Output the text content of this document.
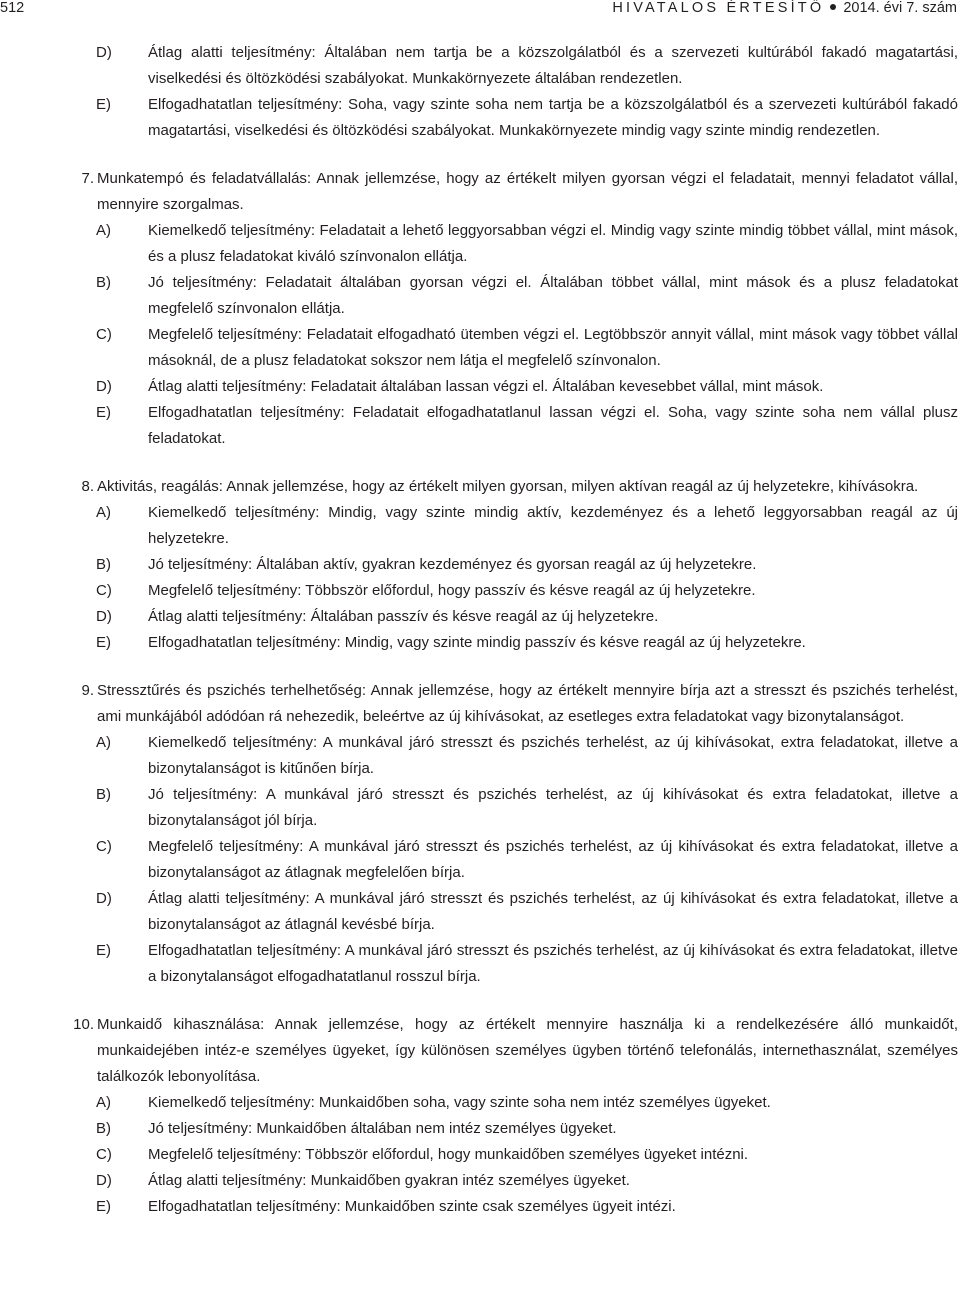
512	HIVATALOS ÉRTESÍTŐ 2014. évi 7. szám
D) Átlag alatti teljesítmény: Általában nem tartja be a közszolgálatból és a szervezeti kultúrából fakadó magatartási, viselkedési és öltözködési szabályokat. Munkakörnyezete általában rendezetlen.
E) Elfogadhatatlan teljesítmény: Soha, vagy szinte soha nem tartja be a közszolgálatból és a szervezeti kultúrából fakadó magatartási, viselkedési és öltözködési szabályokat. Munkakörnyezete mindig vagy szinte mindig rendezetlen.
7. Munkatempó és feladatvállalás: Annak jellemzése, hogy az értékelt milyen gyorsan végzi el feladatait, mennyi feladatot vállal, mennyire szorgalmas.
A) Kiemelkedő teljesítmény: Feladatait a lehető leggyorsabban végzi el. Mindig vagy szinte mindig többet vállal, mint mások, és a plusz feladatokat kiváló színvonalon ellátja.
B) Jó teljesítmény: Feladatait általában gyorsan végzi el. Általában többet vállal, mint mások és a plusz feladatokat megfelelő színvonalon ellátja.
C) Megfelelő teljesítmény: Feladatait elfogadható ütemben végzi el. Legtöbbször annyit vállal, mint mások vagy többet vállal másoknál, de a plusz feladatokat sokszor nem látja el megfelelő színvonalon.
D) Átlag alatti teljesítmény: Feladatait általában lassan végzi el. Általában kevesebbet vállal, mint mások.
E) Elfogadhatatlan teljesítmény: Feladatait elfogadhatatlanul lassan végzi el. Soha, vagy szinte soha nem vállal plusz feladatokat.
8. Aktivitás, reagálás: Annak jellemzése, hogy az értékelt milyen gyorsan, milyen aktívan reagál az új helyzetekre, kihívásokra.
A) Kiemelkedő teljesítmény: Mindig, vagy szinte mindig aktív, kezdeményez és a lehető leggyorsabban reagál az új helyzetekre.
B) Jó teljesítmény: Általában aktív, gyakran kezdeményez és gyorsan reagál az új helyzetekre.
C) Megfelelő teljesítmény: Többször előfordul, hogy passzív és késve reagál az új helyzetekre.
D) Átlag alatti teljesítmény: Általában passzív és késve reagál az új helyzetekre.
E) Elfogadhatatlan teljesítmény: Mindig, vagy szinte mindig passzív és késve reagál az új helyzetekre.
9. Stressztűrés és pszichés terhelhetőség: Annak jellemzése, hogy az értékelt mennyire bírja azt a stresszt és pszichés terhelést, ami munkájából adódóan rá nehezedik, beleértve az új kihívásokat, az esetleges extra feladatokat vagy bizonytalanságot.
A) Kiemelkedő teljesítmény: A munkával járó stresszt és pszichés terhelést, az új kihívásokat, extra feladatokat, illetve a bizonytalanságot is kitűnően bírja.
B) Jó teljesítmény: A munkával járó stresszt és pszichés terhelést, az új kihívásokat és extra feladatokat, illetve a bizonytalanságot jól bírja.
C) Megfelelő teljesítmény: A munkával járó stresszt és pszichés terhelést, az új kihívásokat és extra feladatokat, illetve a bizonytalanságot az átlagnak megfelelően bírja.
D) Átlag alatti teljesítmény: A munkával járó stresszt és pszichés terhelést, az új kihívásokat és extra feladatokat, illetve a bizonytalanságot az átlagnál kevésbé bírja.
E) Elfogadhatatlan teljesítmény: A munkával járó stresszt és pszichés terhelést, az új kihívásokat és extra feladatokat, illetve a bizonytalanságot elfogadhatatlanul rosszul bírja.
10. Munkaidő kihasználása: Annak jellemzése, hogy az értékelt mennyire használja ki a rendelkezésére álló munkaidőt, munkaidejében intéz-e személyes ügyeket, így különösen személyes ügyben történő telefonálás, internethasználat, személyes találkozók lebonyolítása.
A) Kiemelkedő teljesítmény: Munkaidőben soha, vagy szinte soha nem intéz személyes ügyeket.
B) Jó teljesítmény: Munkaidőben általában nem intéz személyes ügyeket.
C) Megfelelő teljesítmény: Többször előfordul, hogy munkaidőben személyes ügyeket intézni.
D) Átlag alatti teljesítmény: Munkaidőben gyakran intéz személyes ügyeket.
E) Elfogadhatatlan teljesítmény: Munkaidőben szinte csak személyes ügyeit intézi.
